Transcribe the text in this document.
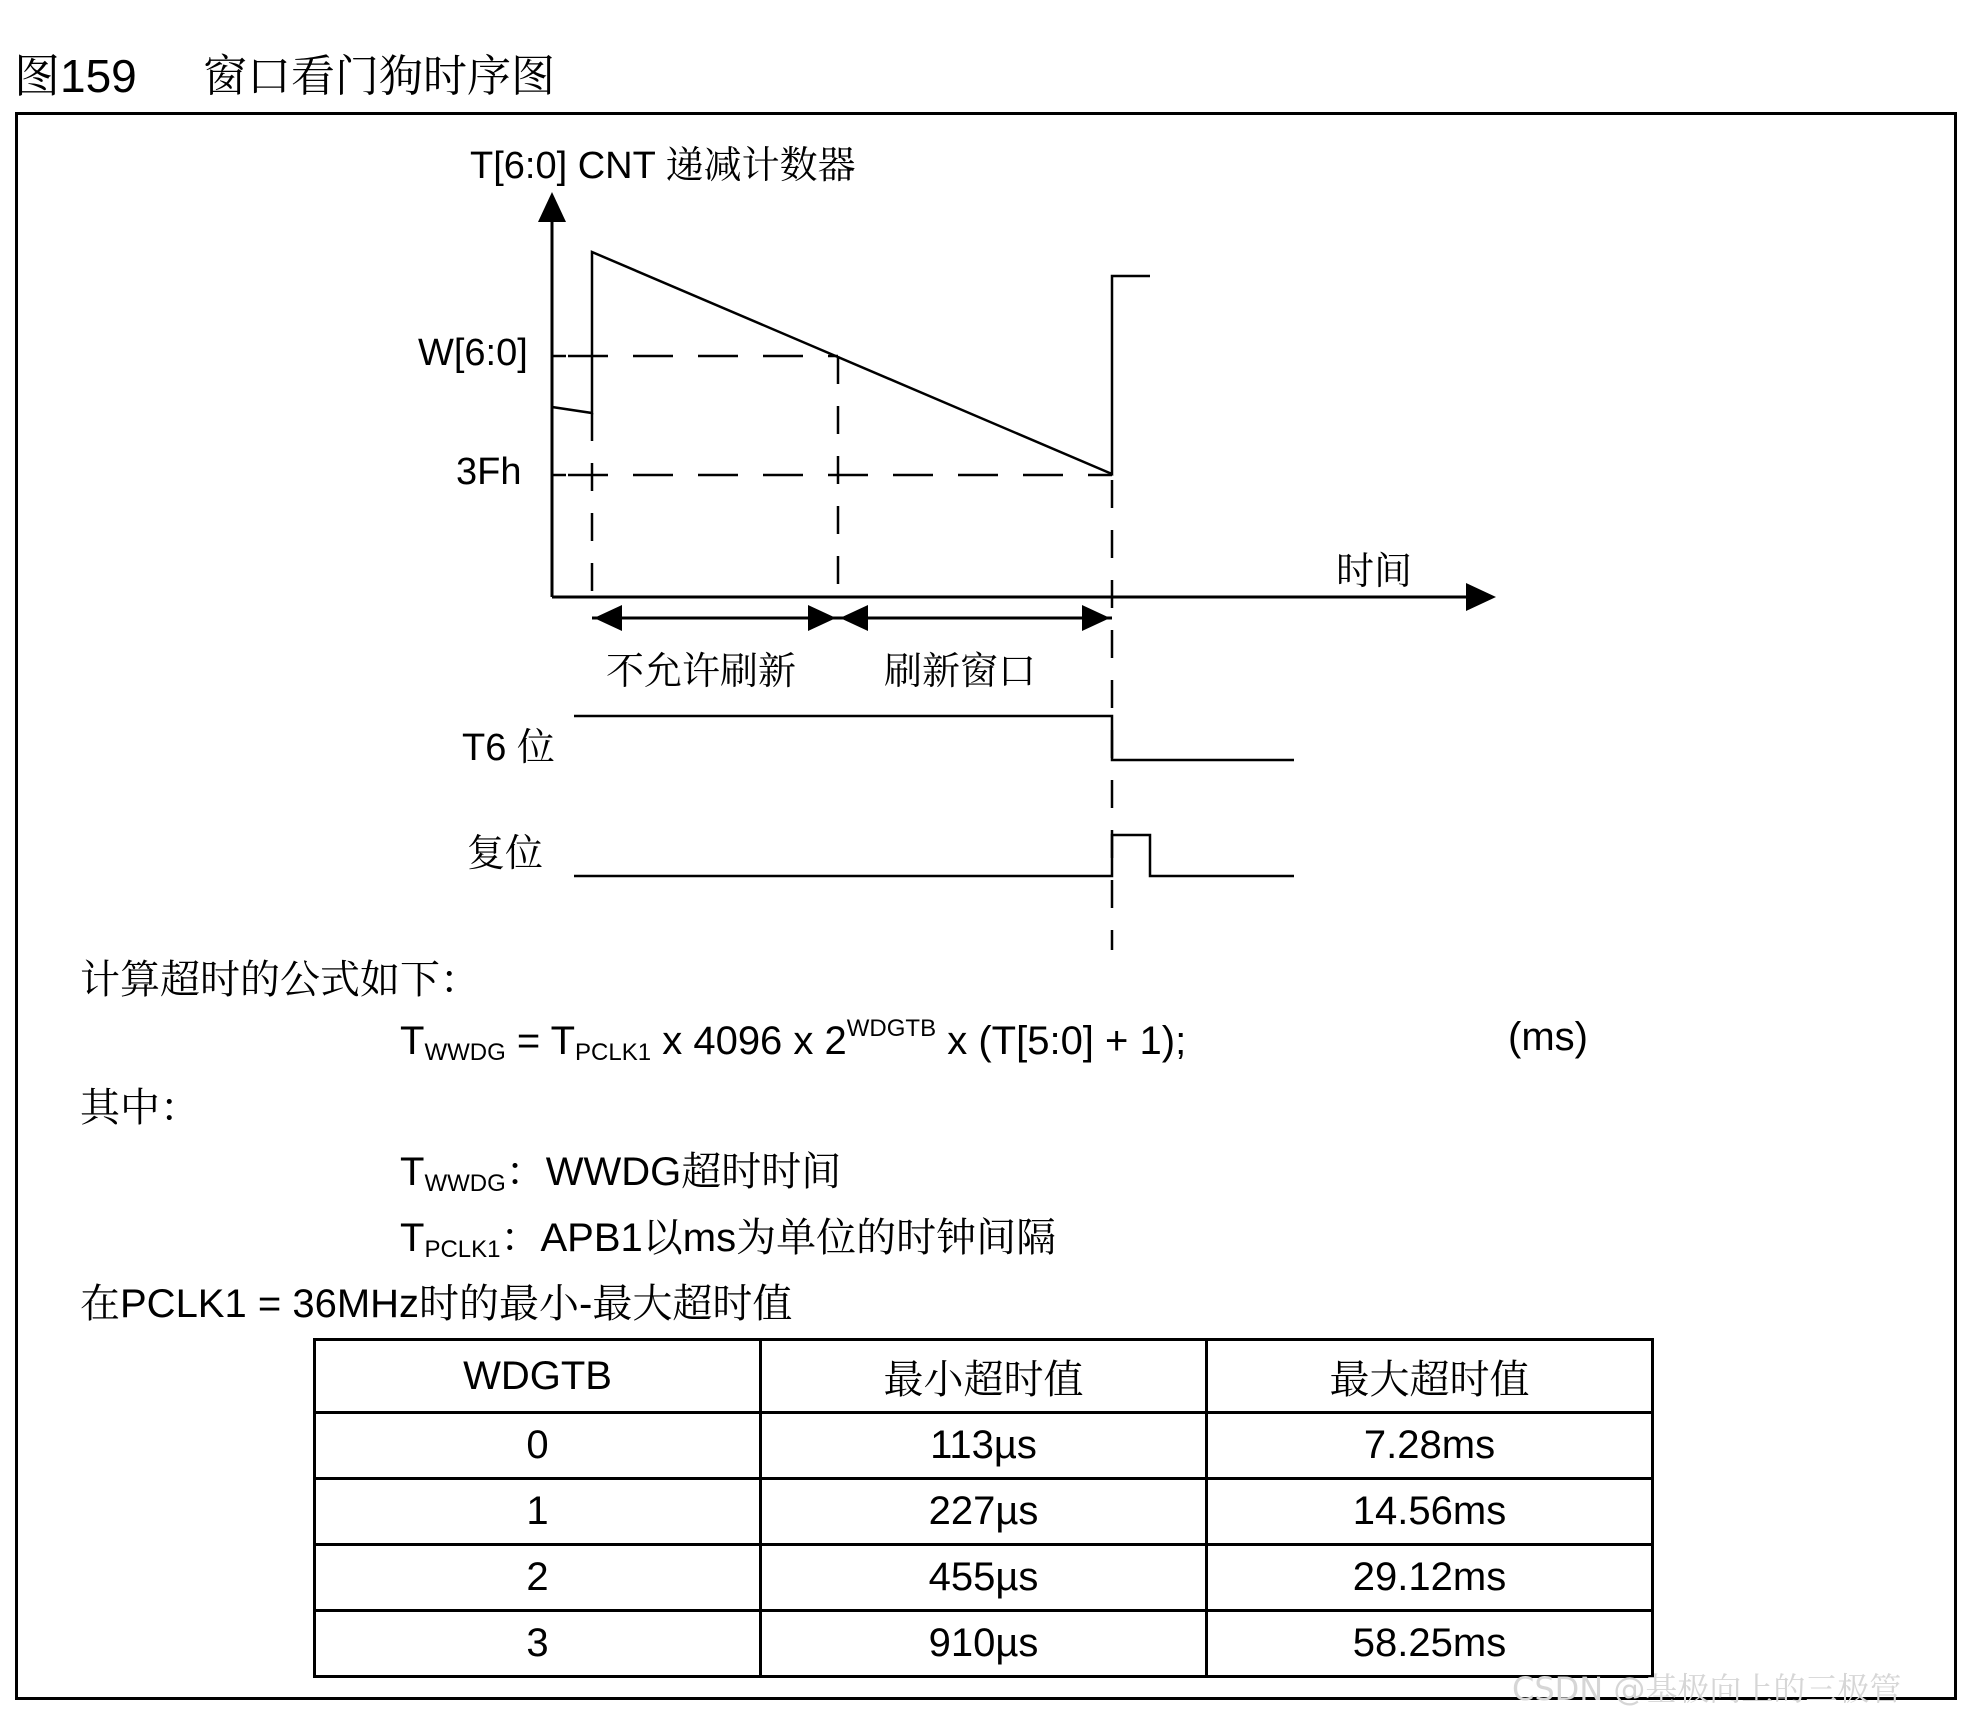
图159 窗口看门狗时序图
T[6:0] CNT 递减计数器
W[6:0]
3Fh
时间
不允许刷新 刷新窗口
T6 位
复位
计算超时的公式如下：
$T_{WWDG} = T_{PCLK1}$ x 4096 x $2^{WDGTB}$ x (T[5:0] + 1);	(ms)
其中：
$T_{WWDG}$：WWDG超时时间
$T_{PCLK1}$：APB1以ms为单位的时钟间隔
在PCLK1 = 36MHz时的最小-最大超时值
WDGTB	最小超时值	最大超时值
0	113µs	7.28ms
1	227µs	14.56ms
2	455µs	29.12ms
3	910µs	58.25ms
CSDN @基极向上的三极管
